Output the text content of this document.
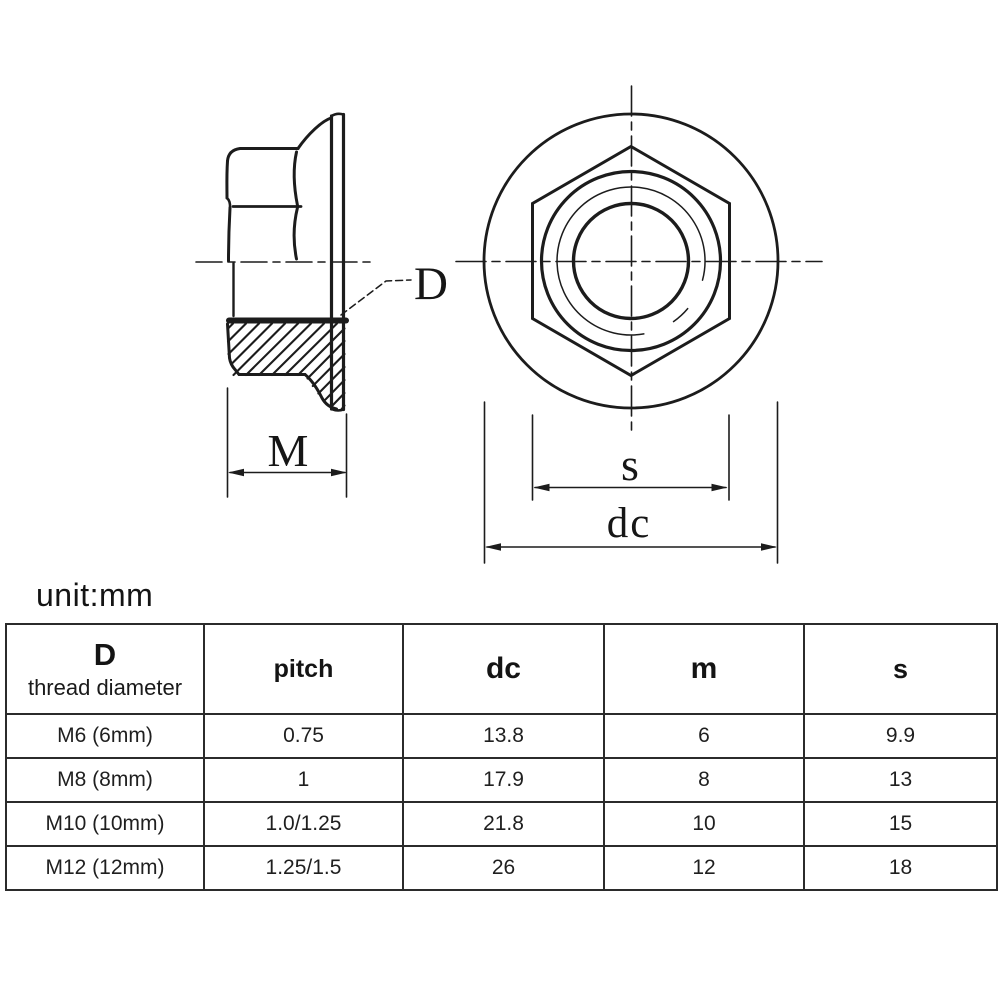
D
M	s
dc
unit:mm
D
thread diameter	pitch	dc	m	s

M6 (6mm)	0.75	13.8	6	9.9
M8 (8mm)	1	17.9	8	13
M10 (10mm)	1.0/1.25	21.8	10	15
M12 (12mm)	1.25/1.5	26	12	18
